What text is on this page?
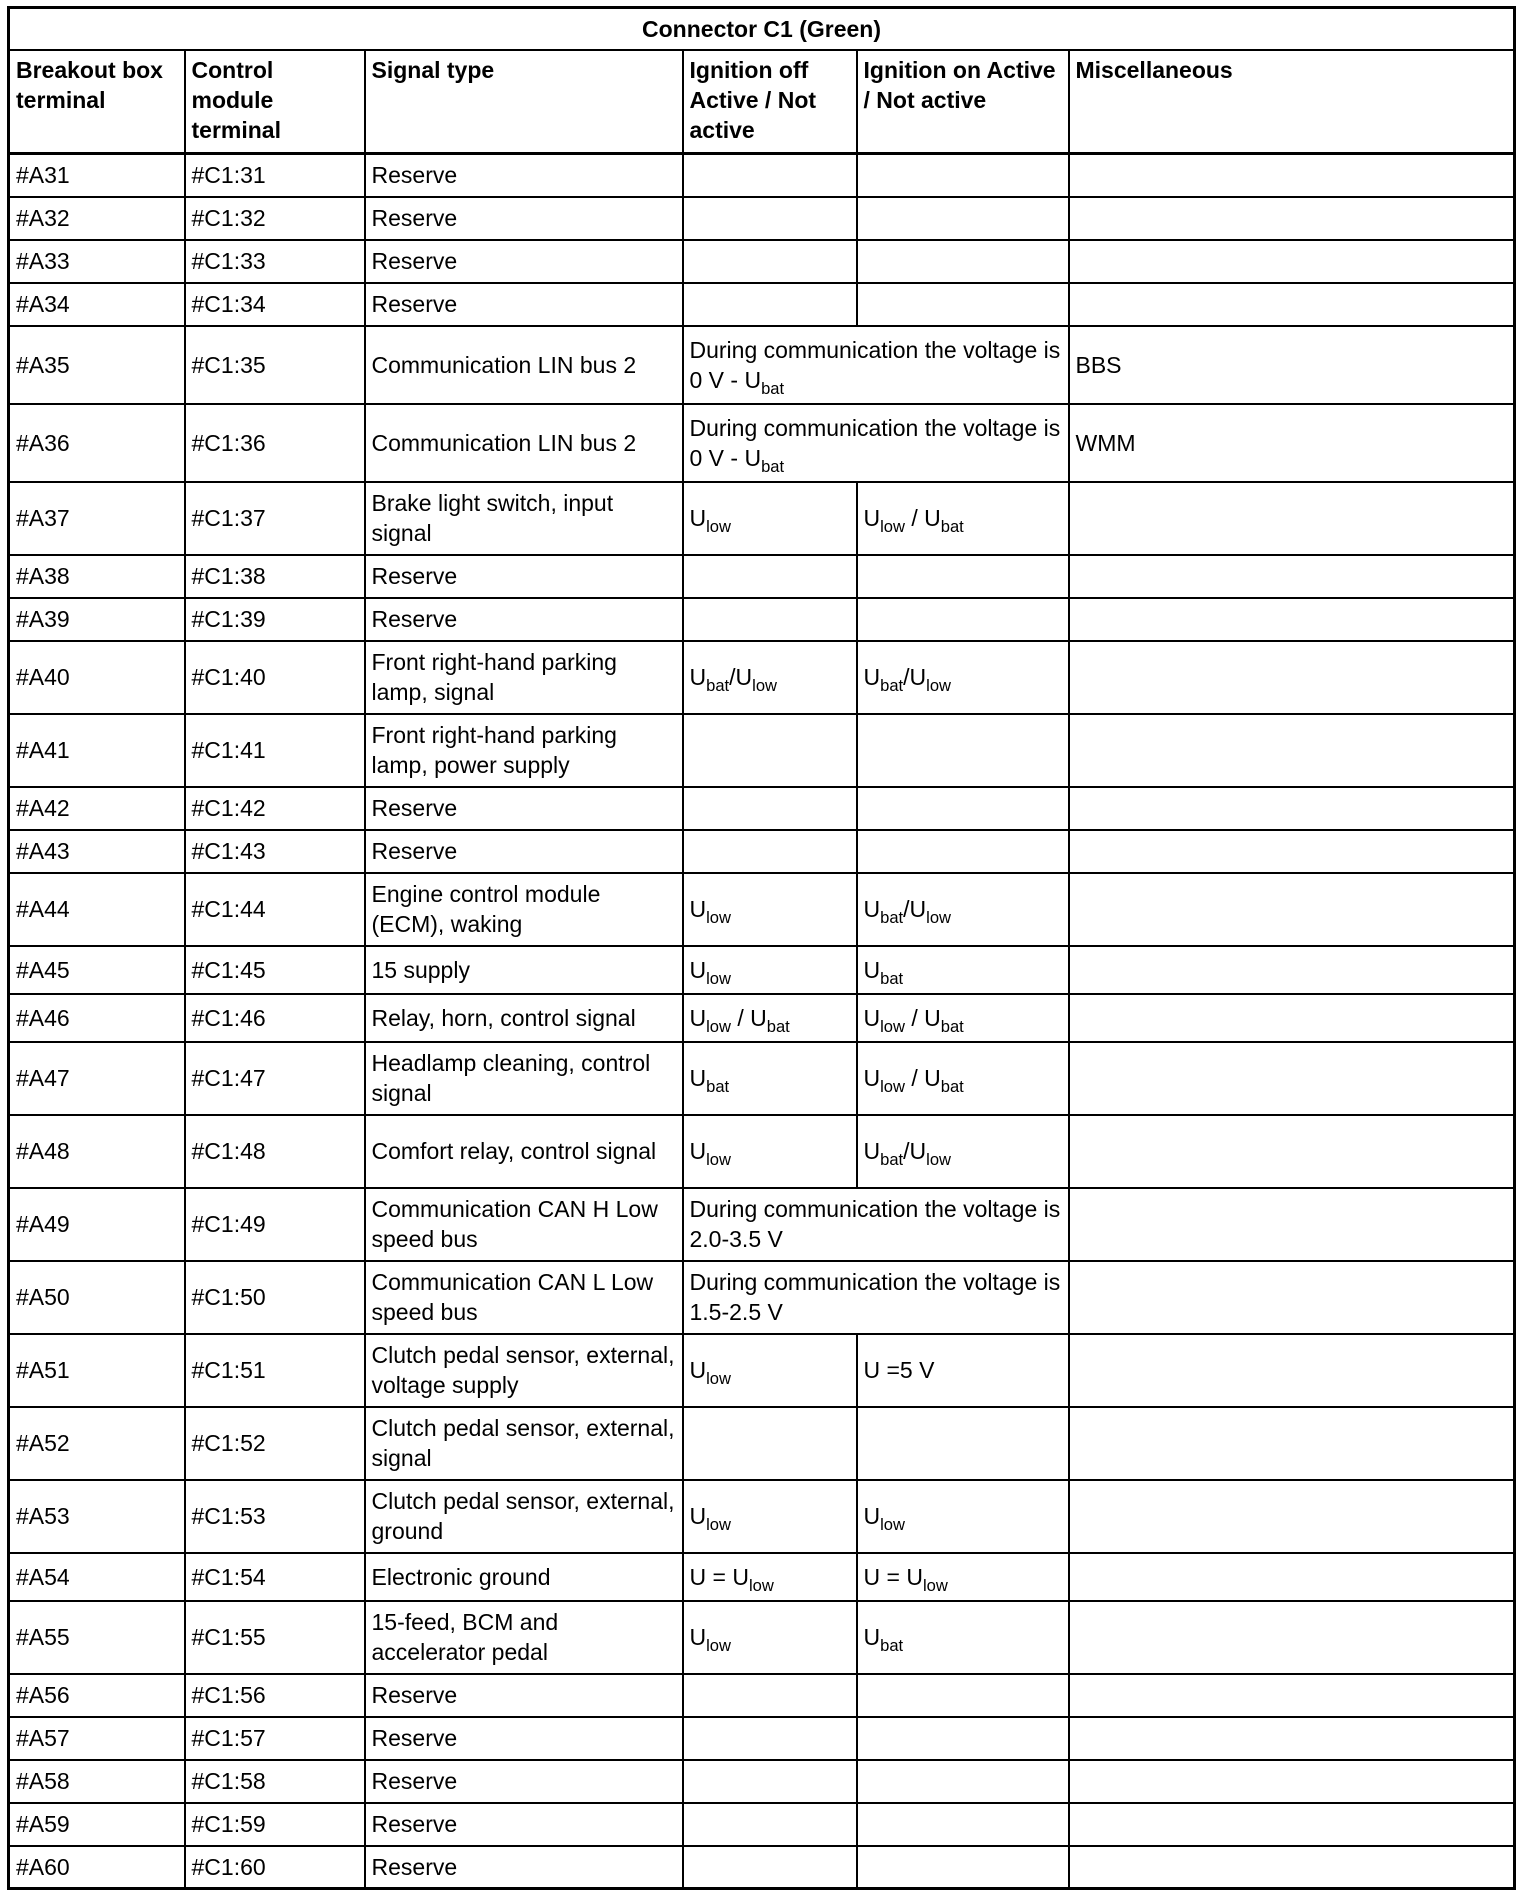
Connector C1 (Green)					
Breakout box terminal	Control module terminal	Signal type	Ignition off Active / Not active	Ignition on Active / Not active	Miscellaneous
#A31	#C1:31	Reserve			
#A32	#C1:32	Reserve			
#A33	#C1:33	Reserve			
#A34	#C1:34	Reserve			
#A35	#C1:35	Communication LIN bus 2	During communication the voltage is 0 V - $U_{bat}$		BBS
#A36	#C1:36	Communication LIN bus 2	During communication the voltage is 0 V - $U_{bat}$		WMM
#A37	#C1:37	Brake light switch, input signal	$U_{low}$	$U_{low} / U_{bat}$	
#A38	#C1:38	Reserve			
#A39	#C1:39	Reserve			
#A40	#C1:40	Front right-hand parking lamp, signal	$U_{bat}/U_{low}$	$U_{bat}/U_{low}$	
#A41	#C1:41	Front right-hand parking lamp, power supply			
#A42	#C1:42	Reserve			
#A43	#C1:43	Reserve			
#A44	#C1:44	Engine control module (ECM), waking	$U_{low}$	$U_{bat}/U_{low}$	
#A45	#C1:45	15 supply	$U_{low}$	$U_{bat}$	
#A46	#C1:46	Relay, horn, control signal	$U_{low} / U_{bat}$	$U_{low} / U_{bat}$	
#A47	#C1:47	Headlamp cleaning, control signal	$U_{bat}$	$U_{low} / U_{bat}$	
#A48	#C1:48	Comfort relay, control signal	$U_{low}$	$U_{bat}/U_{low}$	
#A49	#C1:49	Communication CAN H Low speed bus	During communication the voltage is 2.0-3.5 V		
#A50	#C1:50	Communication CAN L Low speed bus	During communication the voltage is 1.5-2.5 V		
#A51	#C1:51	Clutch pedal sensor, external, voltage supply	$U_{low}$	U =5 V	
#A52	#C1:52	Clutch pedal sensor, external, signal			
#A53	#C1:53	Clutch pedal sensor, external, ground	$U_{low}$	$U_{low}$	
#A54	#C1:54	Electronic ground	$U = U_{low}$	$U = U_{low}$	
#A55	#C1:55	15-feed, BCM and accelerator pedal	$U_{low}$	$U_{bat}$	
#A56	#C1:56	Reserve			
#A57	#C1:57	Reserve			
#A58	#C1:58	Reserve			
#A59	#C1:59	Reserve			
#A60	#C1:60	Reserve			
